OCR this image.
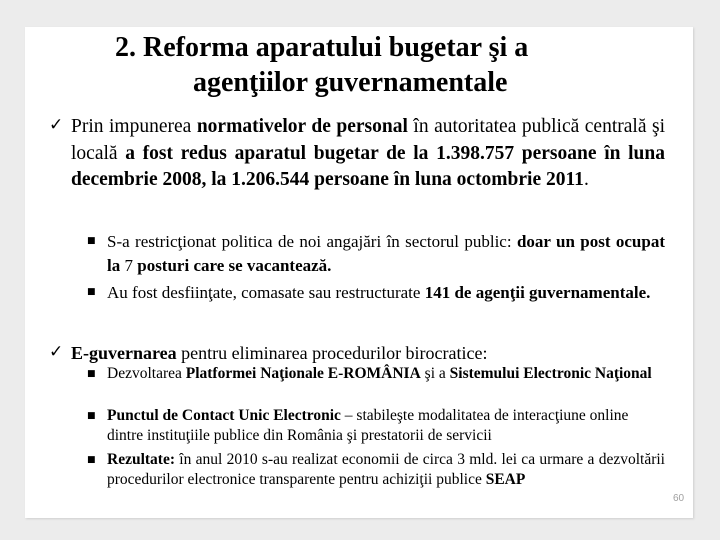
2. Reforma aparatului bugetar şi a
agenţiilor guvernamentale
✓ Prin impunerea normativelor de personal în autoritatea publică centrală şi locală a fost redus aparatul bugetar de la 1.398.757 persoane în luna decembrie 2008, la 1.206.544 persoane în luna octombrie 2011.
■ S-a restricţionat politica de noi angajări în sectorul public: doar un post ocupat la 7 posturi care se vacantează.
■ Au fost desfiinţate, comasate sau restructurate 141 de agenţii guvernamentale.
✓ E-guvernarea pentru eliminarea procedurilor birocratice:
■ Dezvoltarea Platformei Naţionale E-ROMÂNIA şi a Sistemului Electronic Naţional
■ Punctul de Contact Unic Electronic – stabileşte modalitatea de interacţiune online dintre instituţiile publice din România şi prestatorii de servicii
■ Rezultate: în anul 2010 s-au realizat economii de circa 3 mld. lei ca urmare a dezvoltării procedurilor electronice transparente pentru achiziţii publice SEAP
60
